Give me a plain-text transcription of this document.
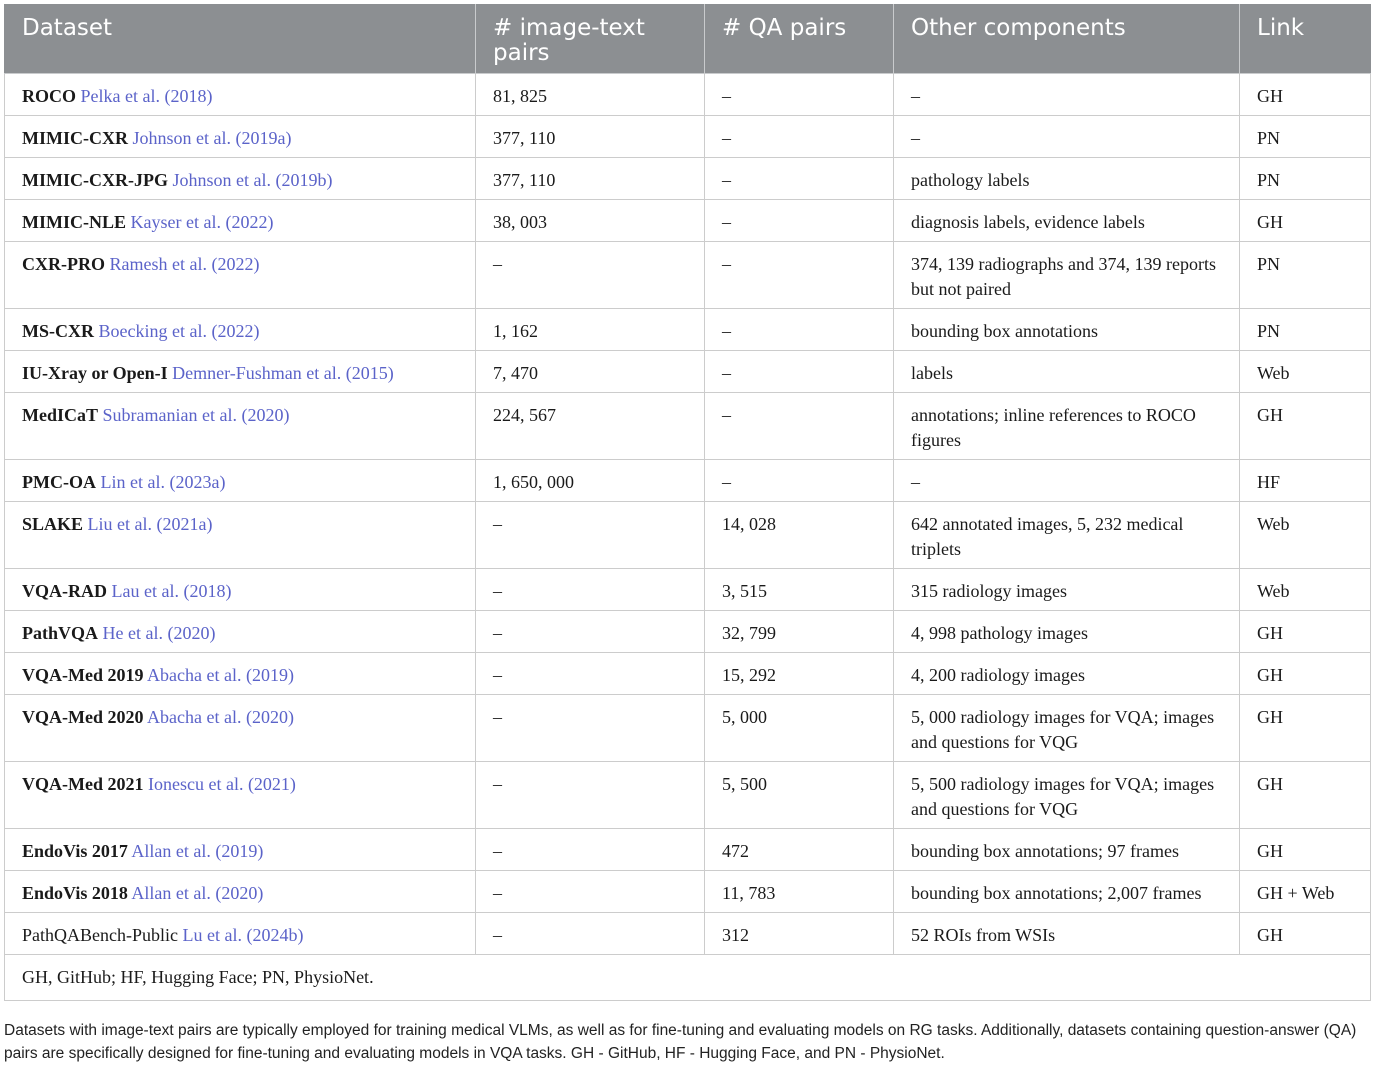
Dataset	# image-text pairs	# QA pairs	Other components	Link
ROCO Pelka et al. (2018)	81, 825	–	–	GH
MIMIC-CXR Johnson et al. (2019a)	377, 110	–	–	PN
MIMIC-CXR-JPG Johnson et al. (2019b)	377, 110	–	pathology labels	PN
MIMIC-NLE Kayser et al. (2022)	38, 003	–	diagnosis labels, evidence labels	GH
CXR-PRO Ramesh et al. (2022)	–	–	374, 139 radiographs and 374, 139 reports but not paired	PN
MS-CXR Boecking et al. (2022)	1, 162	–	bounding box annotations	PN
IU-Xray or Open-I Demner-Fushman et al. (2015)	7, 470	–	labels	Web
MedICaT Subramanian et al. (2020)	224, 567	–	annotations; inline references to ROCO figures	GH
PMC-OA Lin et al. (2023a)	1, 650, 000	–	–	HF
SLAKE Liu et al. (2021a)	–	14, 028	642 annotated images, 5, 232 medical triplets	Web
VQA-RAD Lau et al. (2018)	–	3, 515	315 radiology images	Web
PathVQA He et al. (2020)	–	32, 799	4, 998 pathology images	GH
VQA-Med 2019 Abacha et al. (2019)	–	15, 292	4, 200 radiology images	GH
VQA-Med 2020 Abacha et al. (2020)	–	5, 000	5, 000 radiology images for VQA; images and questions for VQG	GH
VQA-Med 2021 Ionescu et al. (2021)	–	5, 500	5, 500 radiology images for VQA; images and questions for VQG	GH
EndoVis 2017 Allan et al. (2019)	–	472	bounding box annotations; 97 frames	GH
EndoVis 2018 Allan et al. (2020)	–	11, 783	bounding box annotations; 2,007 frames	GH + Web
PathQABench-Public Lu et al. (2024b)	–	312	52 ROIs from WSIs	GH
GH, GitHub; HF, Hugging Face; PN, PhysioNet.				
Datasets with image-text pairs are typically employed for training medical VLMs, as well as for fine-tuning and evaluating models on RG tasks. Additionally, datasets containing question-answer (QA) pairs are specifically designed for fine-tuning and evaluating models in VQA tasks. GH - GitHub, HF - Hugging Face, and PN - PhysioNet.
